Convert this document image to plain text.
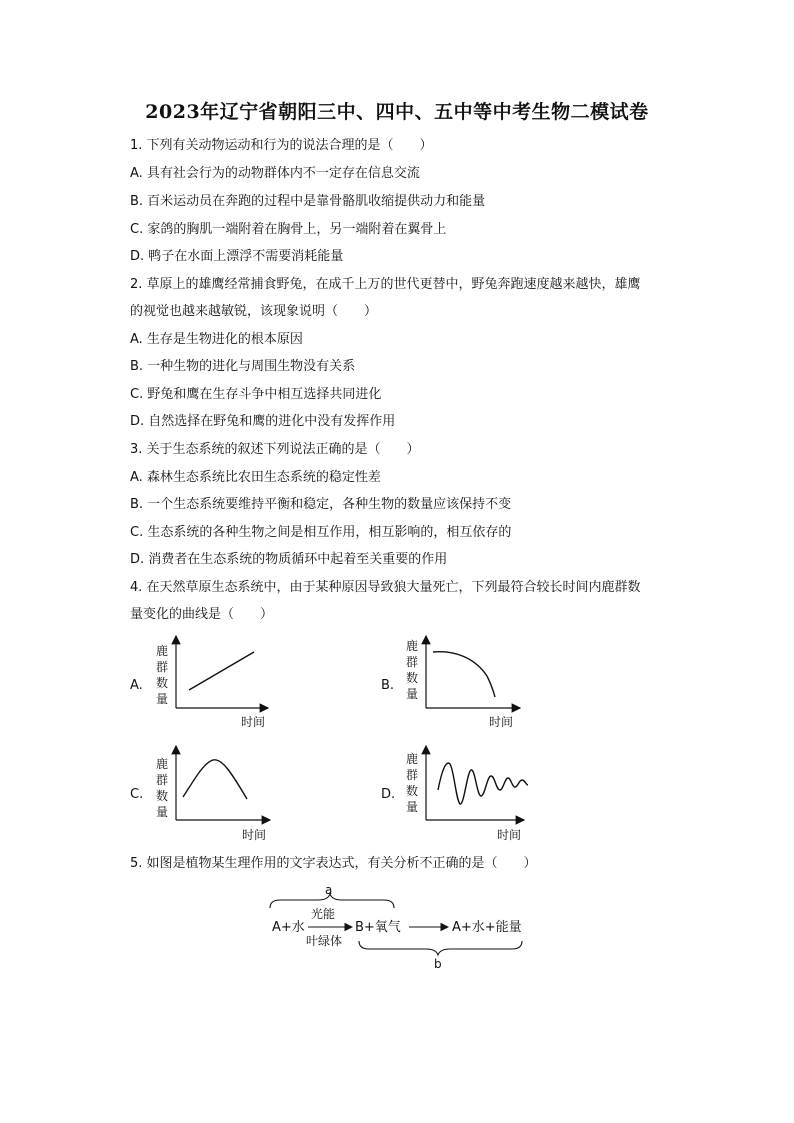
2023年辽宁省朝阳三中、四中、五中等中考生物二模试卷
1. 下列有关动物运动和行为的说法合理的是（　　）
A. 具有社会行为的动物群体内不一定存在信息交流
B. 百米运动员在奔跑的过程中是靠骨骼肌收缩提供动力和能量
C. 家鸽的胸肌一端附着在胸骨上，另一端附着在翼骨上
D. 鸭子在水面上漂浮不需要消耗能量
2. 草原上的雄鹰经常捕食野兔，在成千上万的世代更替中，野兔奔跑速度越来越快，雄鹰
的视觉也越来越敏锐，该现象说明（　　）
A. 生存是生物进化的根本原因
B. 一种生物的进化与周围生物没有关系
C. 野兔和鹰在生存斗争中相互选择共同进化
D. 自然选择在野兔和鹰的进化中没有发挥作用
3. 关于生态系统的叙述下列说法正确的是（　　）
A. 森林生态系统比农田生态系统的稳定性差
B. 一个生态系统要维持平衡和稳定，各种生物的数量应该保持不变
C. 生态系统的各种生物之间是相互作用，相互影响的，相互依存的
D. 消费者在生态系统的物质循环中起着至关重要的作用
4. 在天然草原生态系统中，由于某种原因导致狼大量死亡，下列最符合较长时间内鹿群数
量变化的曲线是（　　）
5. 如图是植物某生理作用的文字表达式，有关分析不正确的是（　　）
A.
鹿
群
数
量
时间
B.
鹿
群
数
量
时间
C.
鹿
群
数
量
时间
D.
鹿
群
数
量
时间
a
A+水
光能
叶绿体
B+氧气	A+水+能量
b
